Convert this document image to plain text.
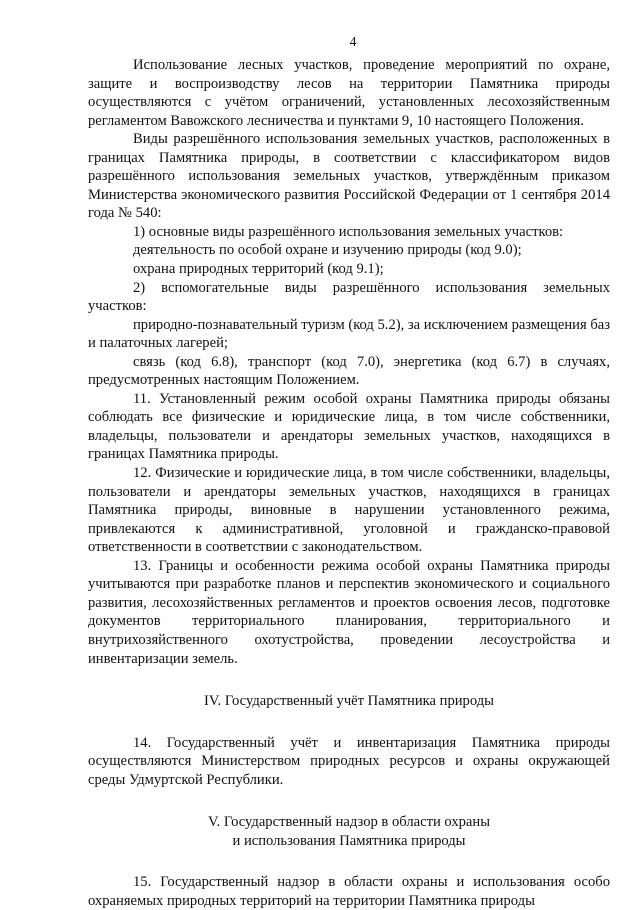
4

Использование лесных участков, проведение мероприятий по охране, защите и воспроизводству лесов на территории Памятника природы осуществляются с учётом ограничений, установленных лесохозяйственным регламентом Вавожского лесничества и пунктами 9, 10 настоящего Положения.

Виды разрешённого использования земельных участков, расположенных в границах Памятника природы, в соответствии с классификатором видов разрешённого использования земельных участков, утверждённым приказом Министерства экономического развития Российской Федерации от 1 сентября 2014 года № 540:

1) основные виды разрешённого использования земельных участков:

деятельность по особой охране и изучению природы (код 9.0);

охрана природных территорий (код 9.1);

2) вспомогательные виды разрешённого использования земельных участков:

природно-познавательный туризм (код 5.2), за исключением размещения баз и палаточных лагерей;

связь (код 6.8), транспорт (код 7.0), энергетика (код 6.7) в случаях, предусмотренных настоящим Положением.

11. Установленный режим особой охраны Памятника природы обязаны соблюдать все физические и юридические лица, в том числе собственники, владельцы, пользователи и арендаторы земельных участков, находящихся в границах Памятника природы.

12. Физические и юридические лица, в том числе собственники, владельцы, пользователи и арендаторы земельных участков, находящихся в границах Памятника природы, виновные в нарушении установленного режима, привлекаются к административной, уголовной и гражданско-правовой ответственности в соответствии с законодательством.

13. Границы и особенности режима особой охраны Памятника природы учитываются при разработке планов и перспектив экономического и социального развития, лесохозяйственных регламентов и проектов освоения лесов, подготовке документов территориального планирования, территориального и внутрихозяйственного охотустройства, проведении лесоустройства и инвентаризации земель.

IV. Государственный учёт Памятника природы

14. Государственный учёт и инвентаризация Памятника природы осуществляются Министерством природных ресурсов и охраны окружающей среды Удмуртской Республики.

V. Государственный надзор в области охраны
и использования Памятника природы

15. Государственный надзор в области охраны и использования особо охраняемых природных территорий на территории Памятника природы
